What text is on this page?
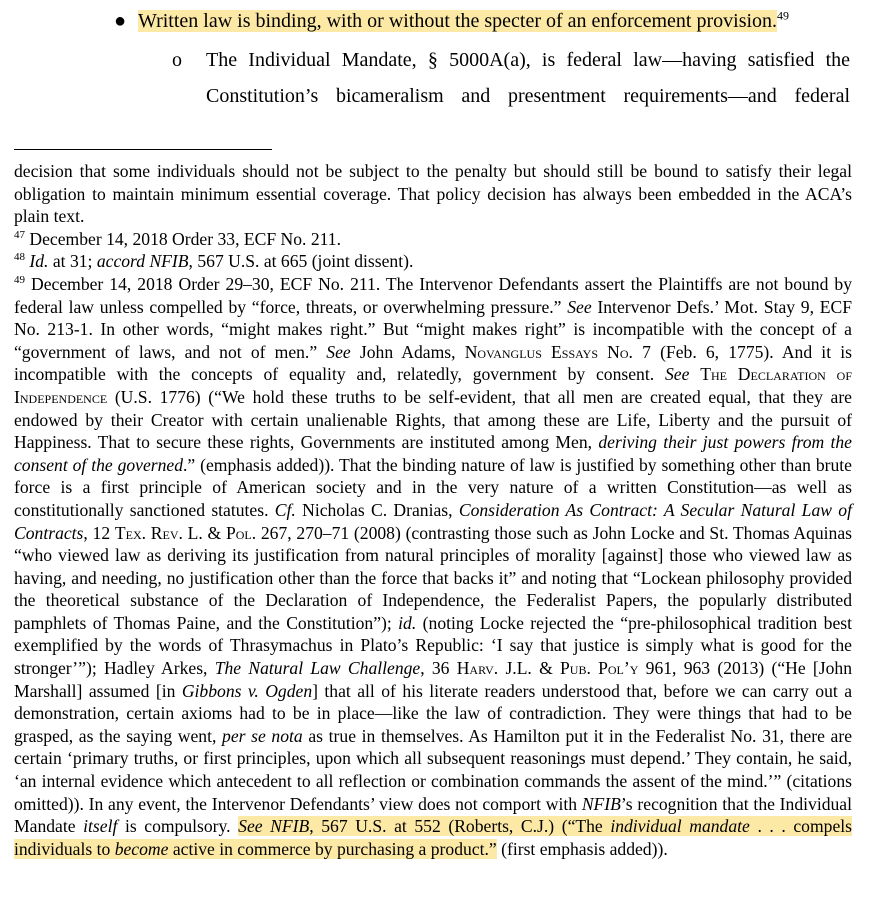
● Written law is binding, with or without the specter of an enforcement provision.$^{49}$
o The Individual Mandate, § 5000A(a), is federal law—having satisfied the
Constitution’s bicameralism and presentment requirements—and federal

decision that some individuals should not be subject to the penalty but should still be bound to satisfy their legal obligation to maintain minimum essential coverage. That policy decision has always been embedded in the ACA’s plain text.

$^{47}$ December 14, 2018 Order 33, ECF No. 211.

$^{48}$ Id. at 31; accord NFIB, 567 U.S. at 665 (joint dissent).

$^{49}$ December 14, 2018 Order 29–30, ECF No. 211. The Intervenor Defendants assert the Plaintiffs are not bound by federal law unless compelled by “force, threats, or overwhelming pressure.” See Intervenor Defs.’ Mot. Stay 9, ECF No. 213-1. In other words, “might makes right.” But “might makes right” is incompatible with the concept of a “government of laws, and not of men.” See John Adams, Novanglus Essays No. 7 (Feb. 6, 1775). And it is incompatible with the concepts of equality and, relatedly, government by consent. See The Declaration of Independence (U.S. 1776) (“We hold these truths to be self-evident, that all men are created equal, that they are endowed by their Creator with certain unalienable Rights, that among these are Life, Liberty and the pursuit of Happiness. That to secure these rights, Governments are instituted among Men, deriving their just powers from the consent of the governed.” (emphasis added)). That the binding nature of law is justified by something other than brute force is a first principle of American society and in the very nature of a written Constitution—as well as constitutionally sanctioned statutes. Cf. Nicholas C. Dranias, Consideration As Contract: A Secular Natural Law of Contracts, 12 Tex. Rev. L. & Pol. 267, 270–71 (2008) (contrasting those such as John Locke and St. Thomas Aquinas “who viewed law as deriving its justification from natural principles of morality [against] those who viewed law as having, and needing, no justification other than the force that backs it” and noting that “Lockean philosophy provided the theoretical substance of the Declaration of Independence, the Federalist Papers, the popularly distributed pamphlets of Thomas Paine, and the Constitution”); id. (noting Locke rejected the “pre-philosophical tradition best exemplified by the words of Thrasymachus in Plato’s Republic: ‘I say that justice is simply what is good for the stronger’”); Hadley Arkes, The Natural Law Challenge, 36 Harv. J.L. & Pub. Pol’y 961, 963 (2013) (“He [John Marshall] assumed [in Gibbons v. Ogden] that all of his literate readers understood that, before we can carry out a demonstration, certain axioms had to be in place—like the law of contradiction. They were things that had to be grasped, as the saying went, per se nota as true in themselves. As Hamilton put it in the Federalist No. 31, there are certain ‘primary truths, or first principles, upon which all subsequent reasonings must depend.’ They contain, he said, ‘an internal evidence which antecedent to all reflection or combination commands the assent of the mind.’” (citations omitted)). In any event, the Intervenor Defendants’ view does not comport with NFIB’s recognition that the Individual Mandate itself is compulsory. See NFIB, 567 U.S. at 552 (Roberts, C.J.) (“The individual mandate . . . compels individuals to become active in commerce by purchasing a product.” (first emphasis added)).
